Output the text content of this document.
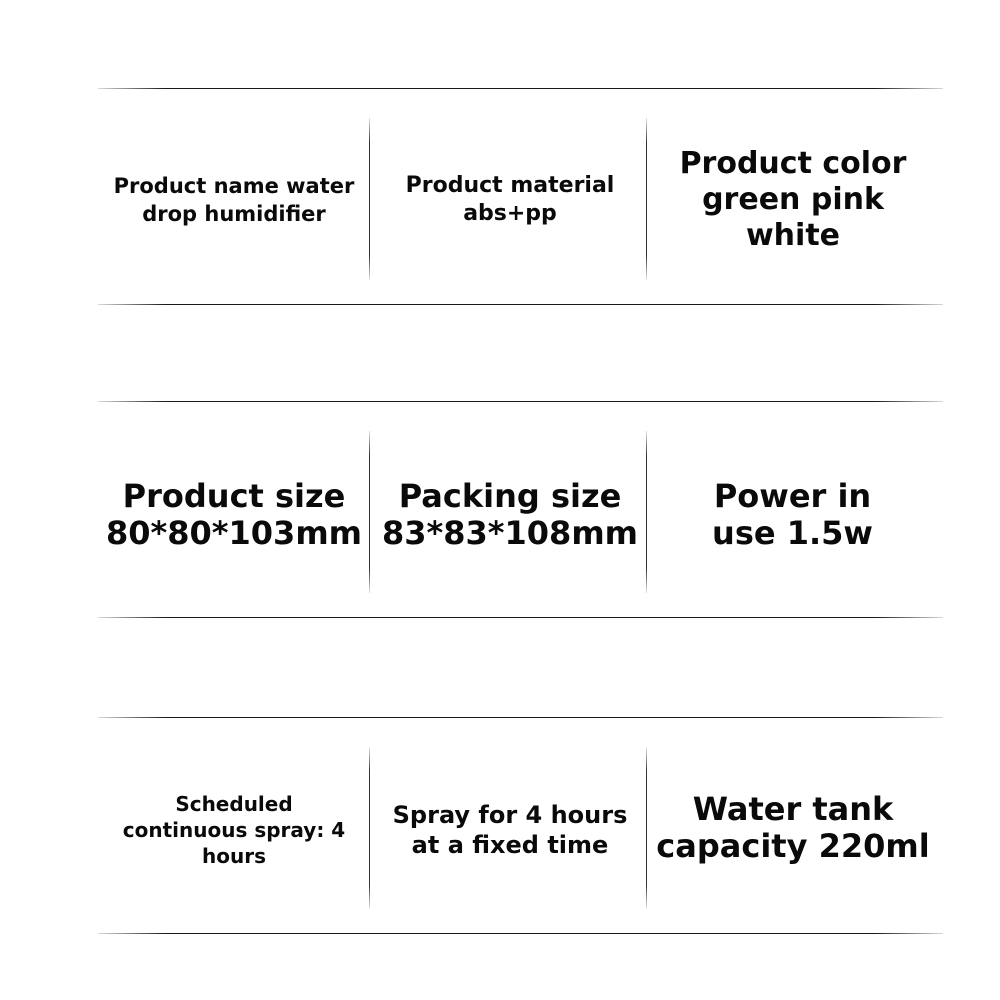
Product name water drop humidifier
Product material abs+pp
Product color green pink white
Product size 80*80*103mm
Packing size 83*83*108mm
Power in use 1.5w
Scheduled continuous spray: 4 hours
Spray for 4 hours at a fixed time
Water tank capacity 220ml
